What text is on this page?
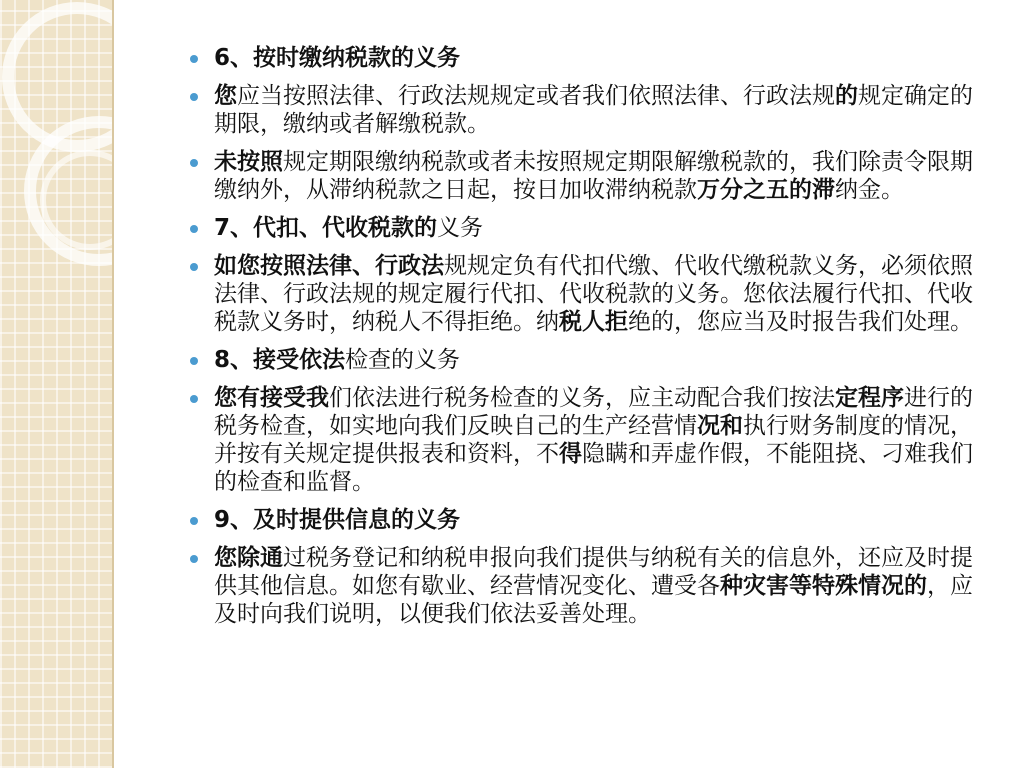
6、按时缴纳税款的义务
您应当按照法律、行政法规规定或者我们依照法律、行政法规的规定确定的期限，缴纳或者解缴税款。
未按照规定期限缴纳税款或者未按照规定期限解缴税款的，我们除责令限期缴纳外，从滞纳税款之日起，按日加收滞纳税款万分之五的滞纳金。
7、代扣、代收税款的义务
如您按照法律、行政法规规定负有代扣代缴、代收代缴税款义务，必须依照法律、行政法规的规定履行代扣、代收税款的义务。您依法履行代扣、代收税款义务时，纳税人不得拒绝。纳税人拒绝的，您应当及时报告我们处理。
8、接受依法检查的义务
您有接受我们依法进行税务检查的义务，应主动配合我们按法定程序进行的税务检查，如实地向我们反映自己的生产经营情况和执行财务制度的情况，并按有关规定提供报表和资料，不得隐瞒和弄虚作假，不能阻挠、刁难我们的检查和监督。
9、及时提供信息的义务
您除通过税务登记和纳税申报向我们提供与纳税有关的信息外，还应及时提供其他信息。如您有歇业、经营情况变化、遭受各种灾害等特殊情况的，应及时向我们说明，以便我们依法妥善处理。
